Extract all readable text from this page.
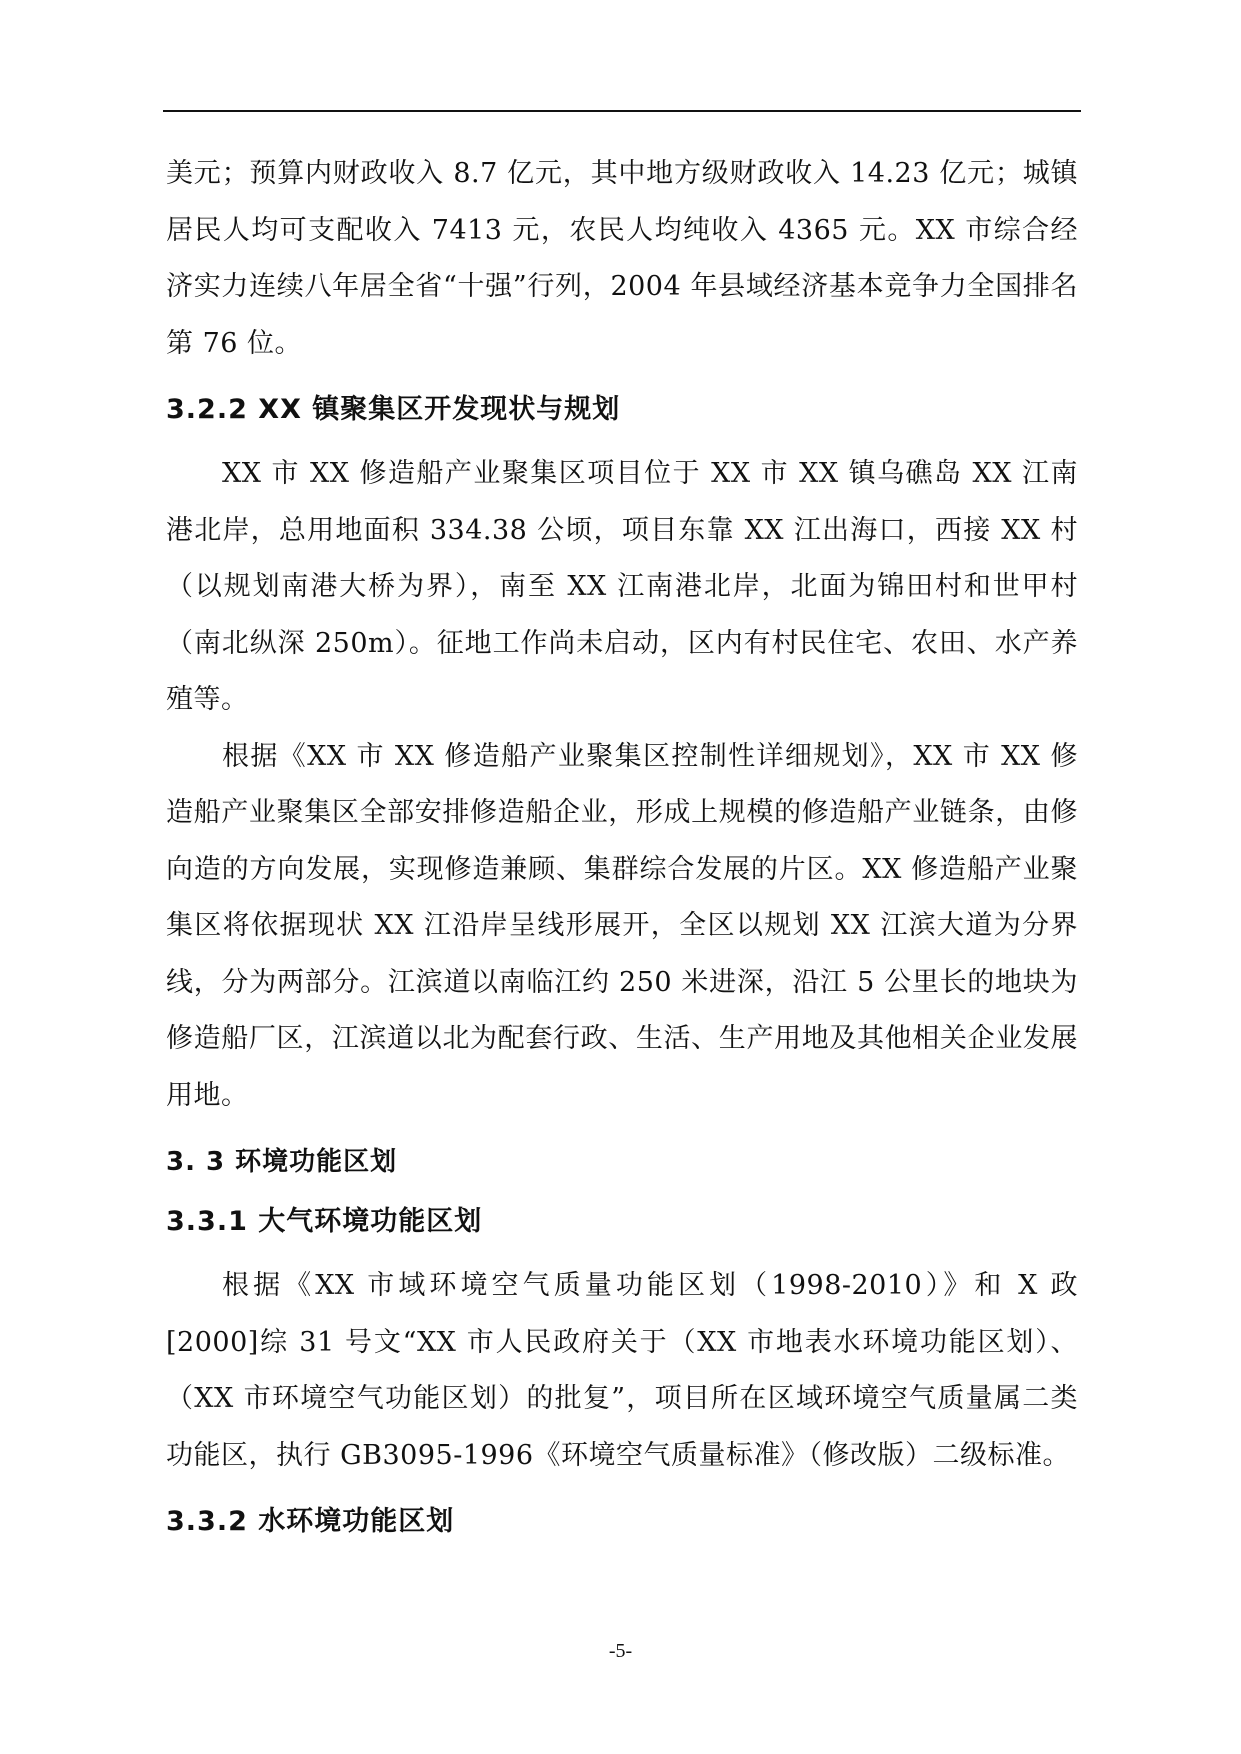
美元；预算内财政收入 8.7 亿元，其中地方级财政收入 14.23 亿元；城镇居民人均可支配收入 7413 元，农民人均纯收入 4365 元。XX 市综合经济实力连续八年居全省“十强”行列，2004 年县域经济基本竞争力全国排名第 76 位。

3.2.2 XX 镇聚集区开发现状与规划

XX 市 XX 修造船产业聚集区项目位于 XX 市 XX 镇乌礁岛 XX 江南港北岸，总用地面积 334.38 公顷，项目东靠 XX 江出海口，西接 XX 村（以规划南港大桥为界），南至 XX 江南港北岸，北面为锦田村和世甲村（南北纵深 250m）。征地工作尚未启动，区内有村民住宅、农田、水产养殖等。

根据《XX 市 XX 修造船产业聚集区控制性详细规划》，XX 市 XX 修造船产业聚集区全部安排修造船企业，形成上规模的修造船产业链条，由修向造的方向发展，实现修造兼顾、集群综合发展的片区。XX 修造船产业聚集区将依据现状 XX 江沿岸呈线形展开，全区以规划 XX 江滨大道为分界线，分为两部分。江滨道以南临江约 250 米进深，沿江 5 公里长的地块为修造船厂区，江滨道以北为配套行政、生活、生产用地及其他相关企业发展用地。

3. 3 环境功能区划
3.3.1 大气环境功能区划

根据《XX 市域环境空气质量功能区划（1998-2010）》和 X 政[2000]综 31 号文“XX 市人民政府关于（XX 市地表水环境功能区划）、（XX 市环境空气功能区划）的批复”，项目所在区域环境空气质量属二类功能区，执行 GB3095-1996《环境空气质量标准》（修改版）二级标准。

3.3.2 水环境功能区划
-5-
